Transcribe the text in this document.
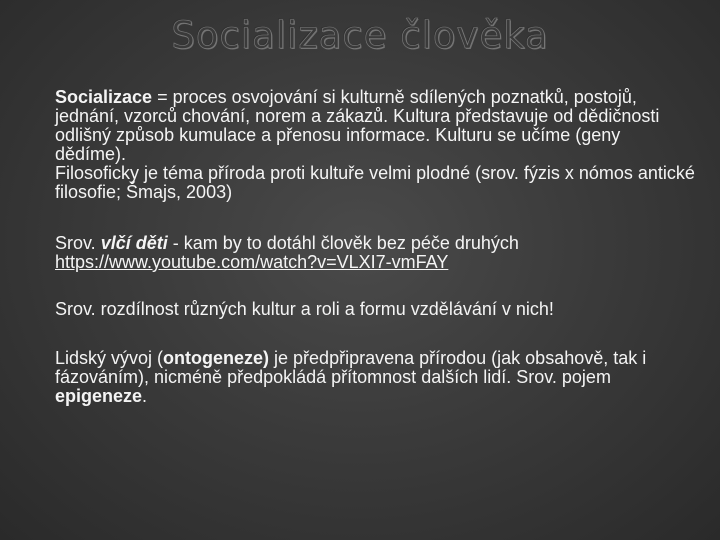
Socializace člověka

Socializace = proces osvojování si kulturně sdílených poznatků, postojů, jednání, vzorců chování, norem a zákazů. Kultura představuje od dědičnosti odlišný způsob kumulace a přenosu informace. Kulturu se učíme (geny dědíme).

Filosoficky je téma příroda proti kultuře velmi plodné (srov. fýzis x nómos antické filosofie; Šmajs, 2003)

Srov. vlčí děti - kam by to dotáhl člověk bez péče druhých https://www.youtube.com/watch?v=VLXI7-vmFAY

Srov. rozdílnost různých kultur a roli a formu vzdělávání v nich!

Lidský vývoj (ontogeneze) je předpřipravena přírodou (jak obsahově, tak i fázováním), nicméně předpokládá přítomnost dalších lidí. Srov. pojem epigeneze.
